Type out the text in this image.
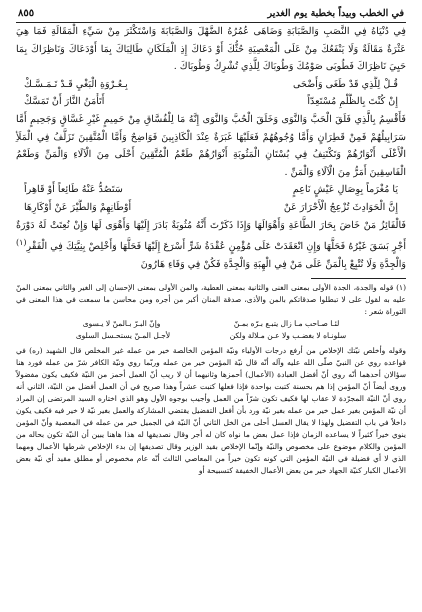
في الخطب وبيداً بخطبة يوم الغدير
٨٥٥

فِي دُنْيَاهُ فِي النَّصَبِ وَالصَّبَابَةِ وَضَاهَى عُمُرُهُ الضَّهْلَ وَالصَّبَابَةَ وَاسْتَكْثَرَ مِنْ سَيِّءِ الْمَقَالَةِ فَمَا هِيَ عَثْرَةٌ مَقَالَةٌ وَلَا يَنْفَعُكَ مِنْ عَلَى الْمَعْصِيَةِ حُثُّكَ أَوْ دَعَاكَ إِذِ الْمَلَكَانِ طَالِبَاكَ بِمَا أَوْدَعَاكَ وَنَاظِرَاكَ بِمَا حَيِيَ نَاظِرَاكَ فَطُوبَى صَوْمُكَ وَطُوبَاكَ لِلَّذِي تُشْرِكُ وَطُوبَاكَ .

قُـلْ لِلَّذِي قَدْ طَغَى وَأَضْحَى
بِـعُـرْوَةِ الْبَغْيِ قَـدْ تَـمَـسَّـكْ
إِنْ كُنْتَ بِالظُّلْمِ مُسْتَعِدّاً
أَتَأْمَنُ النَّارَ أَنْ تَمَسَّكْ

فَأَقْسِمُ بِالَّذِي فَلَقَ الْحَبَّ وَالنَّوَى وَخَلَقَ الْحُبَّ وَالنَّوَى إِنَّهُ مَا لِلْفُسَّاقِ مِنْ حَمِيمٍ غَيْرِ غَسَّاقٍ وَجَحِيمٍ أَمَّا سَرَابِيلُهُمْ فَمِنْ قَطِرَانٍ وَأَمَّا وُجُوهُهُمْ فَعَلَيْهَا غَبَرَةٌ عِنْدَ الْكَاذِبِينَ فَوَاضِحٌ وَأَمَّا الْمُتَّقِينَ تَزَلَّفُ فِي الْمَلَأِ الْأَعْلَى أَنْوَارُهُمْ وَتَكْتَنِفُ فِي بُسْتَانِ الْمَثُوبَةِ أَنْوَارُهُمْ طَعْمُ الْمُتَّقِينَ أَحْلَى مِنَ الْآلَاءِ وَالْمَنِّ وَطَعْمُ الْفَاسِقِينَ أَمَرُّ مِنَ الْآلَاءِ وَالْمَنِّ .

يَا مُغْرَماً بِوِصَالِ عَيْشٍ نَاعِمٍ
سَتَصُدُّ عَنْهُ طَائِعاً أَوْ قَاهِراً
إِنَّ الْحَوَادِثَ تُزْعِجُ الْأَحْرَارَ عَنْ
أَوْطَانِهِمْ وَالطَّيْرَ عَنْ أَوْكَارِهَا

فَالْفَائِزُ مَنْ خَاضَ بِحَارَ الطَّاعَةِ وَأَهْوَالَهَا وَإِذَا ذَكَرْتَ أَنَّهُ مُثُوبَةٌ بَادَرَ إِلَيْهَا وَأَهْوَى لَهَا وَإِنْ نُعِتَتْ لَهُ دَوْرَةٌ أَجْرٍ بَسَقَ غَيْرُهُ فَحَلَّهَا وَإِنِ انْعَقَدَتْ عَلَى مُؤْمِنٍ عُقْدَةُ شَرٍّ أَسْرَعَ إِلَيْهَا فَحَلَّهَا وَأَخْلِصْ بِنِيَّتِكَ فِي الْفَقْرِ$^{(١)}$ وَالْجِدَّةِ وَلَا تُتْبِعْ بِالْمَنِّ عَلَى مَنْ فِي الْهِبَةِ وَالْجِدَّةِ فَكُنْ فِي وَفَاءِ هَارُونَ

(١) قوله والجدة، الجدة الأولى بمعنى الغنى والثانية بمعنى العطية، والمن الأولى بمعنى الإحسان إلى الغير والثاني بمعنى المنّ عليه به لقول على لا تبطلوا صدقاتكم بالمن والأذى، صدقة المنان أكبر من أجره ومن محاسن ما سمعت في هذا المعنى في التوراة شعر :

لئـا صـاحب مـا زال يتبـع بـرّه بمـنّ
وإنّ البـرّ بـالمنّ لا يـسوى
سلونـاه لا بغضـب ولا عـن مـلالة ولكن
لأجـل المـنّ يستحـسل السلوى

وقوله وأخلص نيّتك الإخلاص من أرفع درجات الأولياء ونيّة المؤمن الخالصة خير من عمله غير المخلص قال الشهيد (ره) في قواعده روي عن النبيّ صلّى الله عليه وآله أنّه قال نيّة المؤمن خير من عمله وربّما روي ونيّة الكافر شرّ من عمله فورد هنا سؤالان أحدهما أنّه روي أنّ أفضل العبادة (الأعمال) أحمزها وثانيهما أن لا ريب أنّ العمل أحمز من النيّة فكيف يكون مفضولاً وروى أيضاً أنّ المؤمن إذا هم بحسنة كتبت بواحدة فإذا فعلها كتبت عشراً وهذا صريح في أن العمل أفضل من النيّة، الثاني أنه روي أنّ النيّة المجرّدة لا عقاب لها فكيف تكون شرّاً من العمل وأجيب بوجوه الأول وهو الذي اختاره السيد المرتضى إن المراد أن نيّة المؤمن بغير عمل خير من عمله بغير نيّة ورد بأن أفعل التفضيل يقتضي المشاركة والعمل بغير نيّة لا خير فيه فكيف يكون داخلاً في باب التفضيل ولهذا لا يقال العسل أحلى من الخل الثاني أنّ النيّة في الجميل خير من عمله في المعصية وأنّ المؤمن ينوي خيراً كثيراً لا يساعده الزمان فإذا عمل بعض ما نواه كان له أجر وقال نصديقها له هذا هاهنا يبين أن النيّة تكون بحاله من المؤمن والكلام موضوع على مخصوص والنيّة وإنّما الإخلاص بقيد الوزير وقال تصديقها إن بدء الإخلاص شرطها الأعمال ومهما الذي لا أي فضيلة في النيّة المؤمن التي كونه تكون خيراً من المعاصي الثالث أنّه عام مخصوص أو مطلق مقيد أي نيّة بعض الأعمال الكبار كنيّة الجهاد خير من بعض الأعمال الخفيفة كتسبيحة أو
